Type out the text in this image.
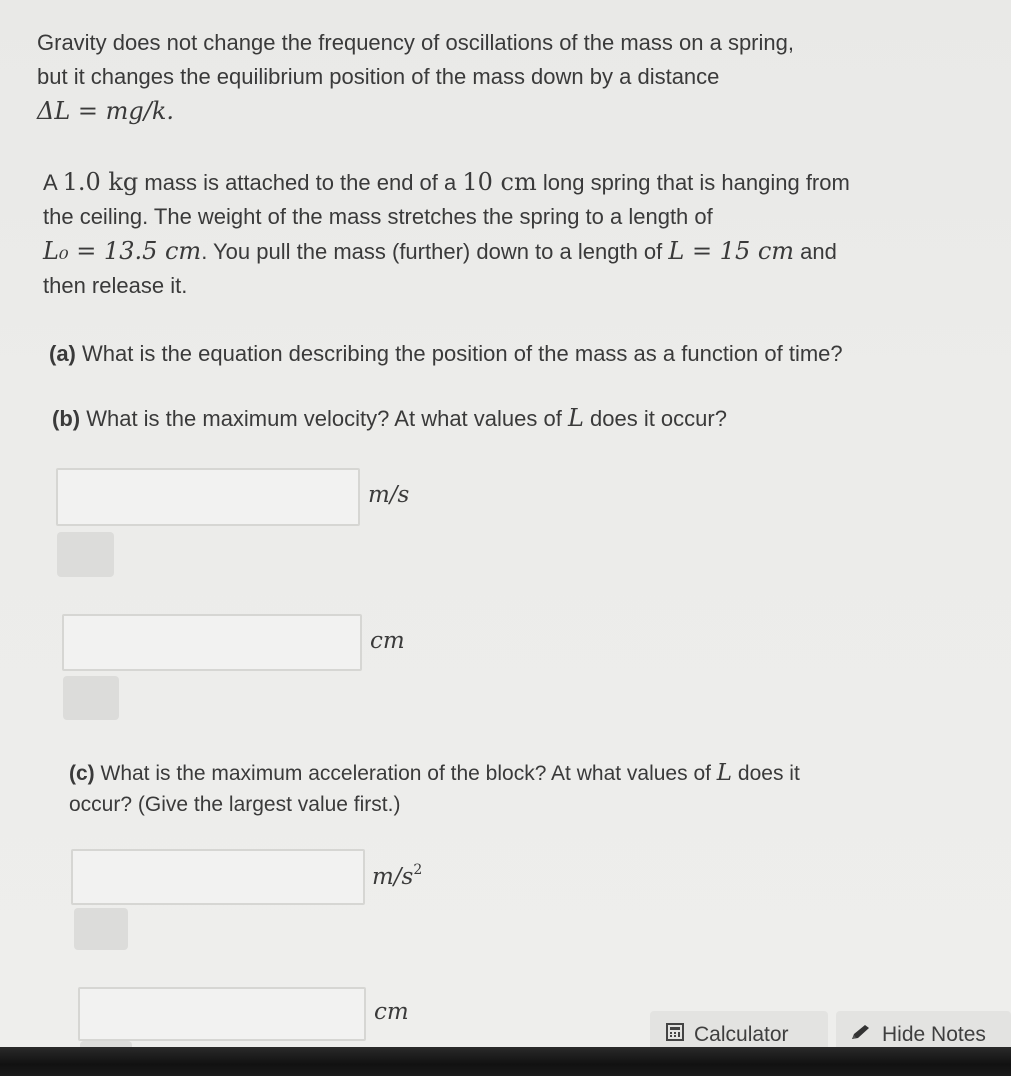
Gravity does not change the frequency of oscillations of the mass on a spring,
but it changes the equilibrium position of the mass down by a distance
ΔL = mg/k.

A 1.0 kg mass is attached to the end of a 10 cm long spring that is hanging from
the ceiling. The weight of the mass stretches the spring to a length of
L₀ = 13.5 cm. You pull the mass (further) down to a length of L = 15 cm and
then release it.

(a) What is the equation describing the position of the mass as a function of time?

(b) What is the maximum velocity? At what values of L does it occur?

m/s
cm

(c) What is the maximum acceleration of the block? At what values of L does it
occur? (Give the largest value first.)

$m/s^2$
cm
Calculator	Hide Notes
